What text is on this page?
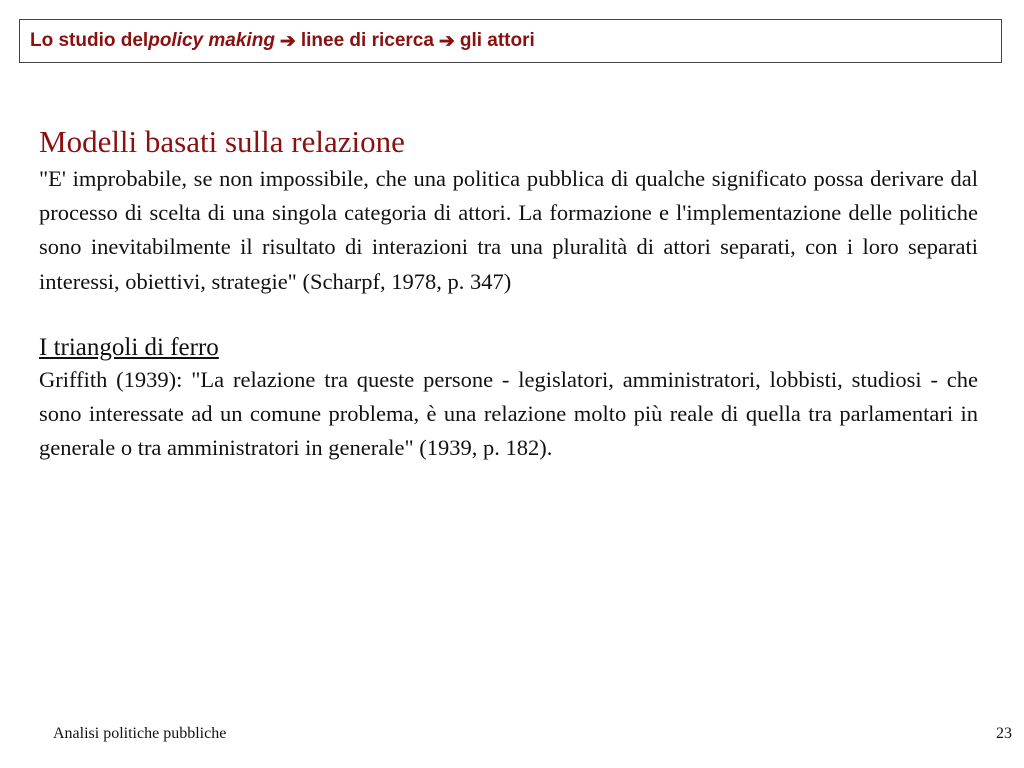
Lo studio del policy making ➔ linee di ricerca ➔ gli attori
Modelli basati sulla relazione

"E' improbabile, se non impossibile, che una politica pubblica di qualche significato possa derivare dal processo di scelta di una singola categoria di attori. La formazione e l'implementazione delle politiche sono inevitabilmente il risultato di interazioni tra una pluralità di attori separati, con i loro separati interessi, obiettivi, strategie" (Scharpf, 1978, p. 347)

I triangoli di ferro

Griffith (1939): "La relazione tra queste persone - legislatori, amministratori, lobbisti, studiosi - che sono interessate ad un comune problema, è una relazione molto più reale di quella tra parlamentari in generale o tra amministratori in generale" (1939, p. 182).

Analisi politiche pubbliche	23
